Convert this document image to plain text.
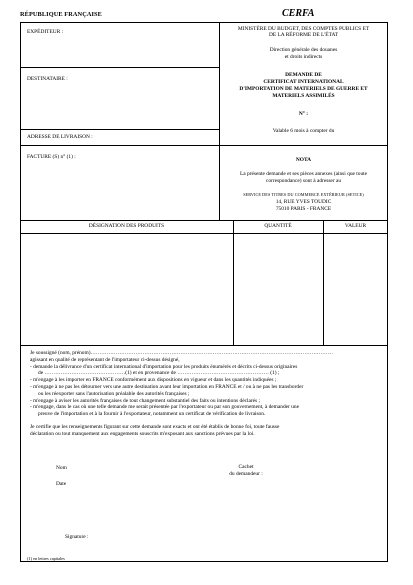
RÉPUBLIQUE FRANÇAISE	CERFA
EXPÉDITEUR :
DESTINATAIRE :
ADRESSE DE LIVRAISON :
FACTURE (S) n° (1) :
MINISTÈRE DU BUDGET, DES COMPTES PUBLICS ET
DE LA RÉFORME DE L'ÉTAT
Direction générale des douanes
et droits indirects
DEMANDE DE
CERTIFICAT INTERNATIONAL
D'IMPORTATION DE MATERIELS DE GUERRE ET
MATERIELS ASSIMILÉS
N° :
Valable 6 mois à compter du
NOTA
La présente demande et ses pièces annexes (ainsi que toute
correspondance) sont à adresser au
SERVICE DES TITRES DU COMMERCE EXTÉRIEUR (SETICE)
14, RUE YVES TOUDIC
75010 PARIS - FRANCE
DÉSIGNATION DES PRODUITS	QUANTITÉ	VALEUR
Je soussigné (nom, prénom)………………………………………………………………………………………………………………………
agissant en qualité de représentant de l'importateur ci-dessus désigné,
- demande la délivrance d'un certificat international d'importation pour les produits énumérés et décrits ci-dessus originaires
de ………………………………………(1) et en provenance de …………………………………………… (1) ;
- m'engage à les importer en FRANCE conformément aux dispositions en vigueur et dans les quantités indiquées ;
- m'engage à ne pas les détourner vers une autre destination avant leur importation en FRANCE et / ou à ne pas les transborder
ou les réexporter sans l'autorisation préalable des autorités françaises ;
- m'engage à aviser les autorités françaises de tout changement substantiel des faits ou intentions déclarés ;
- m'engage, dans le cas où une telle demande me serait présentée par l'exportateur ou par son gouvernement, à demander une
preuve de l'importation et à la fournir à l'exportateur, notamment un certificat de vérification de livraison.
Je certifie que les renseignements figurant sur cette demande sont exacts et ont été établis de bonne foi, toute fausse
déclaration ou tout manquement aux engagements souscrits m'exposant aux sanctions prévues par la loi.
Nom
Date
Cachet
du demandeur :
Signature :
(1) en lettres capitales
